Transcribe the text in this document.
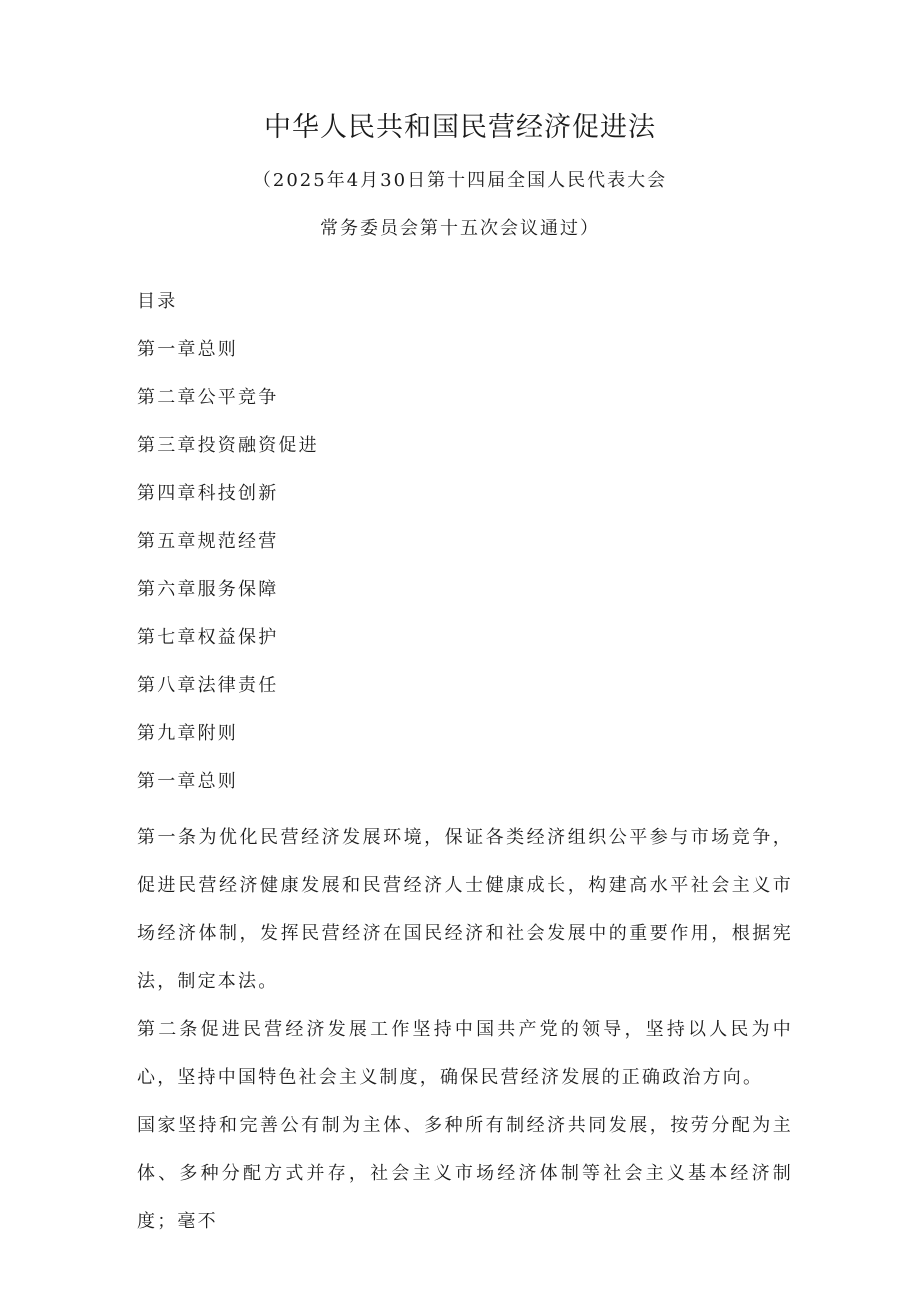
中华人民共和国民营经济促进法
（2025年4月30日第十四届全国人民代表大会
常务委员会第十五次会议通过）
目录
第一章总则
第二章公平竞争
第三章投资融资促进
第四章科技创新
第五章规范经营
第六章服务保障
第七章权益保护
第八章法律责任
第九章附则
第一章总则
第一条为优化民营经济发展环境，保证各类经济组织公平参与市场竞争，促进民营经济健康发展和民营经济人士健康成长，构建高水平社会主义市场经济体制，发挥民营经济在国民经济和社会发展中的重要作用，根据宪法，制定本法。
第二条促进民营经济发展工作坚持中国共产党的领导，坚持以人民为中心，坚持中国特色社会主义制度，确保民营经济发展的正确政治方向。
国家坚持和完善公有制为主体、多种所有制经济共同发展，按劳分配为主体、多种分配方式并存，社会主义市场经济体制等社会主义基本经济制度；毫不
